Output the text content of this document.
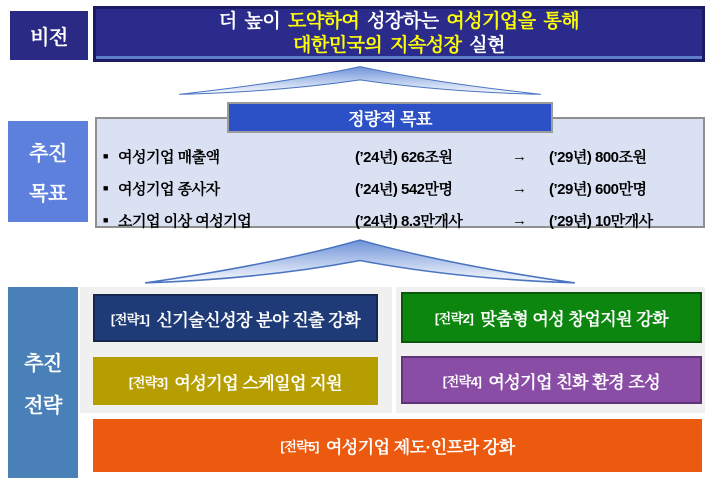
비전
더 높이 도약하여 성장하는 여성기업을 통해
대한민국의 지속성장 실현
추진
목표
정량적 목표
■ 여성기업 매출액	(’24년) 626조원	→	(’29년) 800조원
■ 여성기업 종사자	(’24년) 542만명	→	(’29년) 600만명
■ 소기업 이상 여성기업	(’24년) 8.3만개사	→	(’29년) 10만개사
추진
전략
[전략1] 신기술신성장 분야 진출 강화	[전략2] 맞춤형 여성 창업지원 강화
[전략3] 여성기업 스케일업 지원	[전략4] 여성기업 친화 환경 조성
[전략5] 여성기업 제도·인프라 강화
